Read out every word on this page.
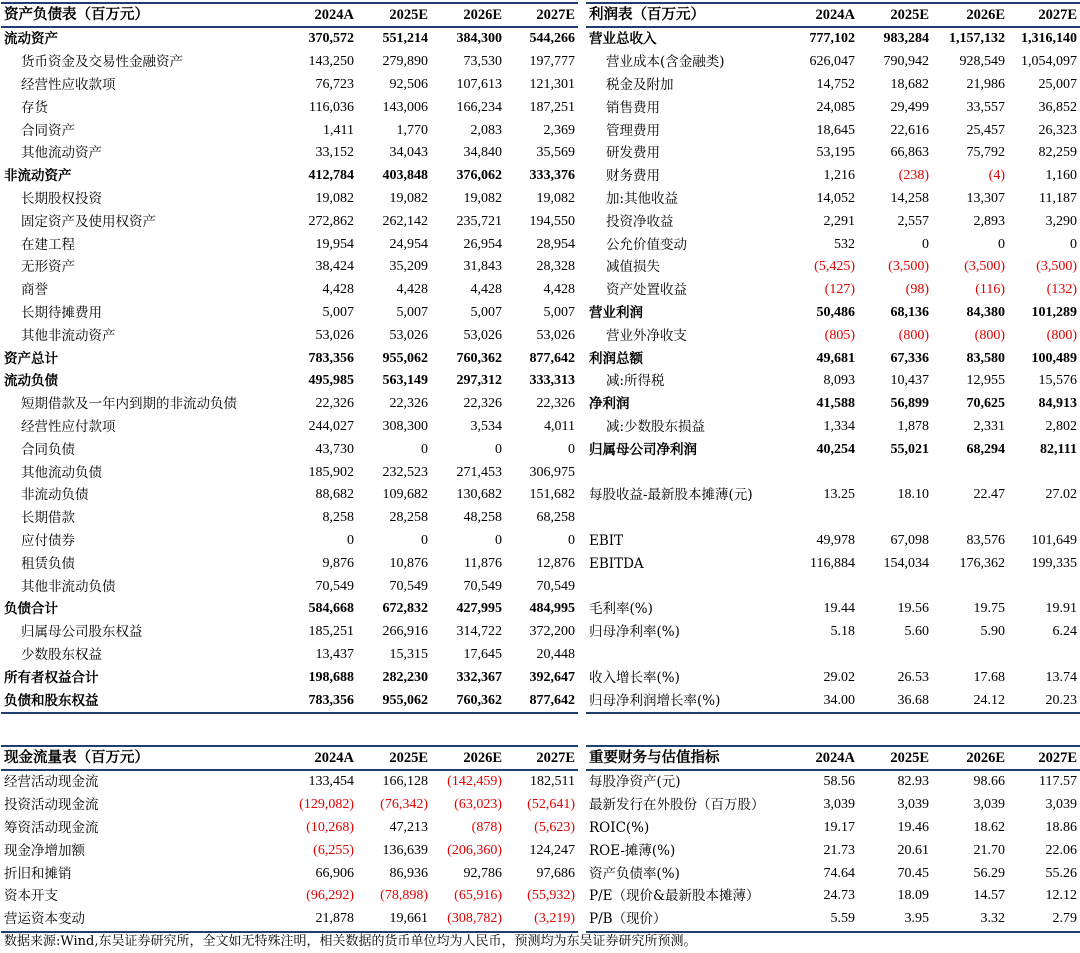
资产负债表（百万元）	2024A	2025E	2026E	2027E
流动资产	370,572	551,214	384,300	544,266
货币资金及交易性金融资产	143,250	279,890	73,530	197,777
经营性应收款项	76,723	92,506	107,613	121,301
存货	116,036	143,006	166,234	187,251
合同资产	1,411	1,770	2,083	2,369
其他流动资产	33,152	34,043	34,840	35,569
非流动资产	412,784	403,848	376,062	333,376
长期股权投资	19,082	19,082	19,082	19,082
固定资产及使用权资产	272,862	262,142	235,721	194,550
在建工程	19,954	24,954	26,954	28,954
无形资产	38,424	35,209	31,843	28,328
商誉	4,428	4,428	4,428	4,428
长期待摊费用	5,007	5,007	5,007	5,007
其他非流动资产	53,026	53,026	53,026	53,026
资产总计	783,356	955,062	760,362	877,642
流动负债	495,985	563,149	297,312	333,313
短期借款及一年内到期的非流动负债	22,326	22,326	22,326	22,326
经营性应付款项	244,027	308,300	3,534	4,011
合同负债	43,730	0	0	0
其他流动负债	185,902	232,523	271,453	306,975
非流动负债	88,682	109,682	130,682	151,682
长期借款	8,258	28,258	48,258	68,258
应付债券	0	0	0	0
租赁负债	9,876	10,876	11,876	12,876
其他非流动负债	70,549	70,549	70,549	70,549
负债合计	584,668	672,832	427,995	484,995
归属母公司股东权益	185,251	266,916	314,722	372,200
少数股东权益	13,437	15,315	17,645	20,448
所有者权益合计	198,688	282,230	332,367	392,647
负债和股东权益	783,356	955,062	760,362	877,642
利润表（百万元）	2024A	2025E	2026E	2027E
营业总收入	777,102	983,284	1,157,132	1,316,140
营业成本(含金融类)	626,047	790,942	928,549	1,054,097
税金及附加	14,752	18,682	21,986	25,007
销售费用	24,085	29,499	33,557	36,852
管理费用	18,645	22,616	25,457	26,323
研发费用	53,195	66,863	75,792	82,259
财务费用	1,216	(238)	(4)	1,160
加:其他收益	14,052	14,258	13,307	11,187
投资净收益	2,291	2,557	2,893	3,290
公允价值变动	532	0	0	0
减值损失	(5,425)	(3,500)	(3,500)	(3,500)
资产处置收益	(127)	(98)	(116)	(132)
营业利润	50,486	68,136	84,380	101,289
营业外净收支	(805)	(800)	(800)	(800)
利润总额	49,681	67,336	83,580	100,489
减:所得税	8,093	10,437	12,955	15,576
净利润	41,588	56,899	70,625	84,913
减:少数股东损益	1,334	1,878	2,331	2,802
归属母公司净利润	40,254	55,021	68,294	82,111

每股收益-最新股本摊薄(元)	13.25	18.10	22.47	27.02

EBIT	49,978	67,098	83,576	101,649
EBITDA	116,884	154,034	176,362	199,335

毛利率(%)	19.44	19.56	19.75	19.91
归母净利率(%)	5.18	5.60	5.90	6.24

收入增长率(%)	29.02	26.53	17.68	13.74
归母净利润增长率(%)	34.00	36.68	24.12	20.23
现金流量表（百万元）	2024A	2025E	2026E	2027E
经营活动现金流	133,454	166,128	(142,459)	182,511
投资活动现金流	(129,082)	(76,342)	(63,023)	(52,641)
筹资活动现金流	(10,268)	47,213	(878)	(5,623)
现金净增加额	(6,255)	136,639	(206,360)	124,247
折旧和摊销	66,906	86,936	92,786	97,686
资本开支	(96,292)	(78,898)	(65,916)	(55,932)
营运资本变动	21,878	19,661	(308,782)	(3,219)
重要财务与估值指标	2024A	2025E	2026E	2027E
每股净资产(元)	58.56	82.93	98.66	117.57
最新发行在外股份（百万股）	3,039	3,039	3,039	3,039
ROIC(%)	19.17	19.46	18.62	18.86
ROE-摊薄(%)	21.73	20.61	21.70	22.06
资产负债率(%)	74.64	70.45	56.29	55.26
P/E（现价&最新股本摊薄）	24.73	18.09	14.57	12.12
P/B（现价）	5.59	3.95	3.32	2.79
数据来源:Wind,东吴证券研究所，全文如无特殊注明，相关数据的货币单位均为人民币，预测均为东吴证券研究所预测。
